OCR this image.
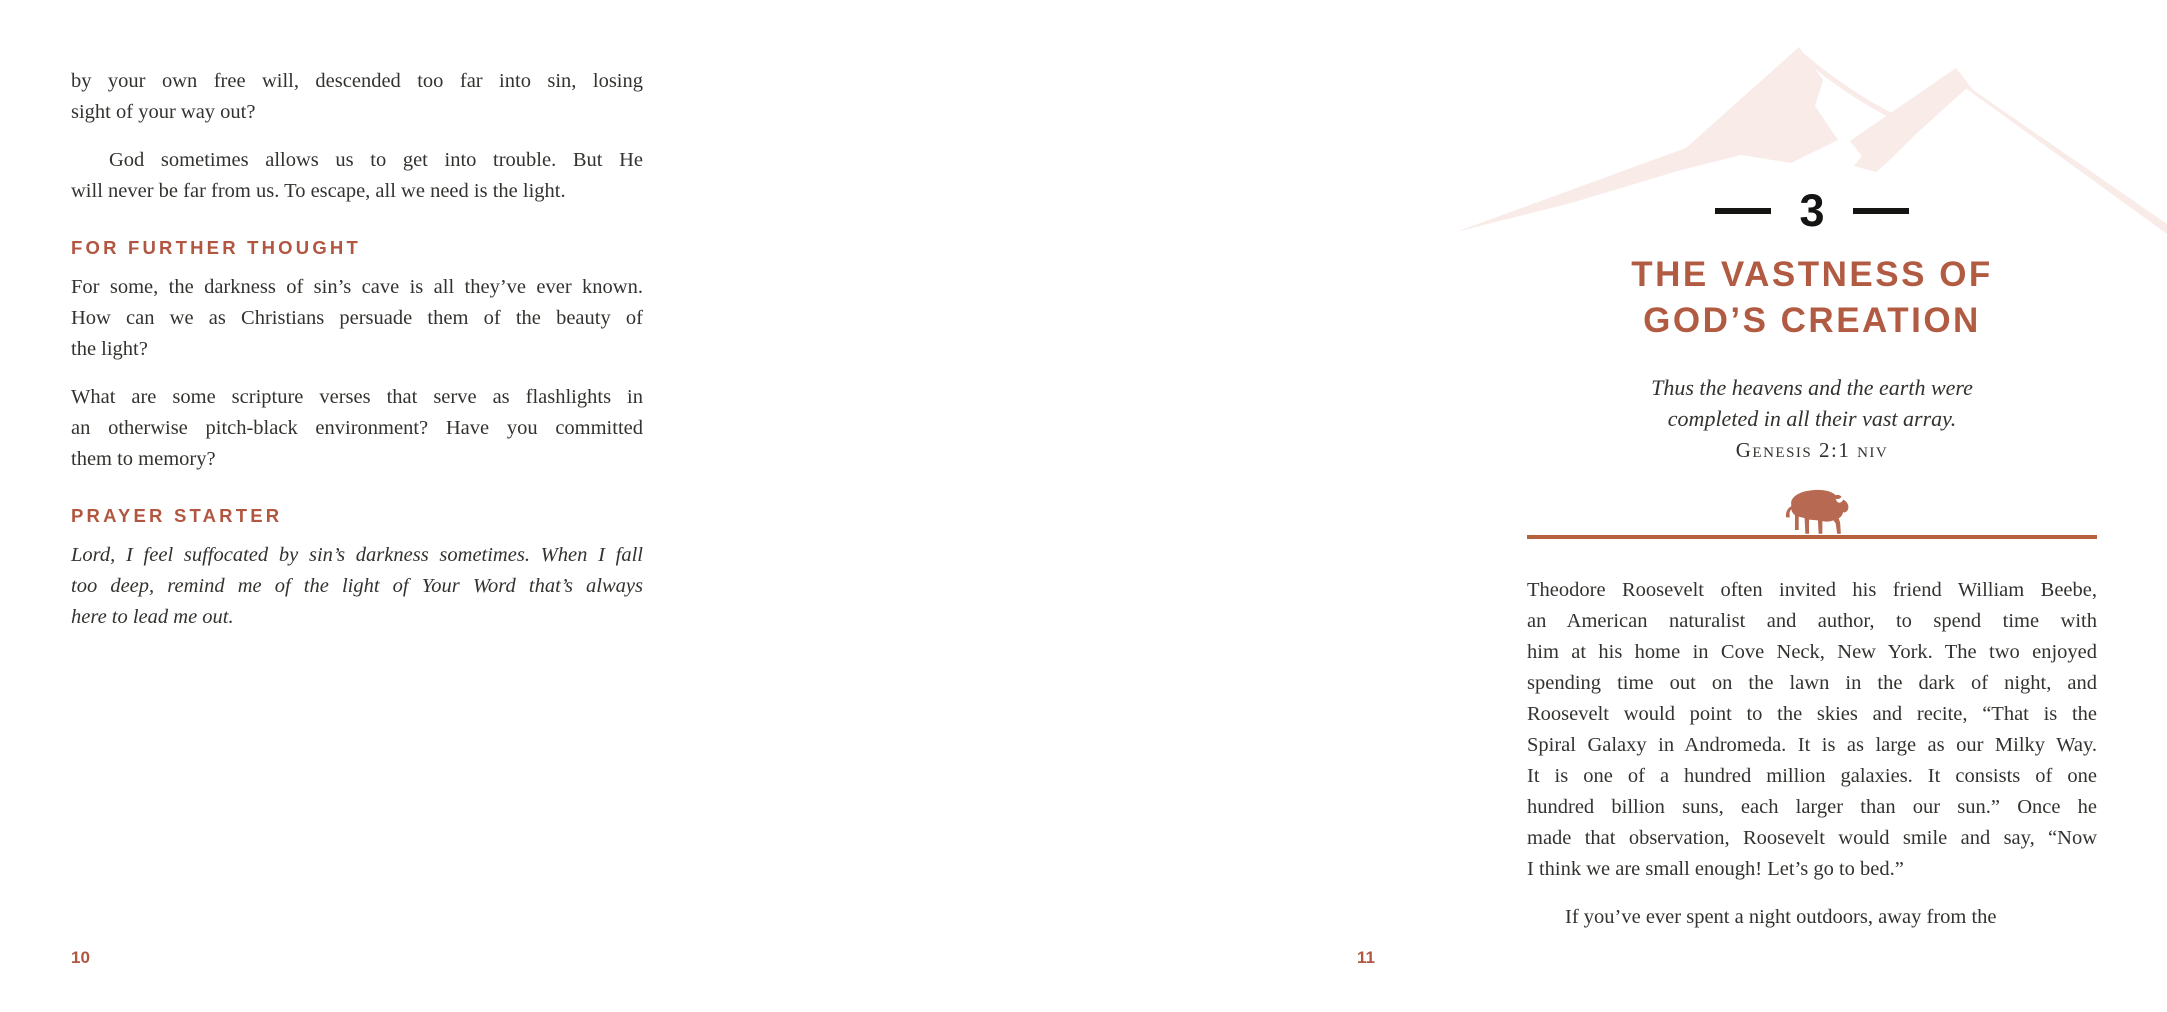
by your own free will, descended too far into sin, losing
sight of your way out?
God sometimes allows us to get into trouble. But He
will never be far from us. To escape, all we need is the light.
FOR FURTHER THOUGHT
For some, the darkness of sin’s cave is all they’ve ever known.
How can we as Christians persuade them of the beauty of
the light?
What are some scripture verses that serve as flashlights in
an otherwise pitch-black environment? Have you committed
them to memory?
PRAYER STARTER
Lord, I feel suffocated by sin’s darkness sometimes. When I fall
too deep, remind me of the light of Your Word that’s always
here to lead me out.
10
3
THE VASTNESS OF
GOD’S CREATION
Thus the heavens and the earth were
completed in all their vast array.
Genesis 2:1 niv
Theodore Roosevelt often invited his friend William Beebe,
an American naturalist and author, to spend time with
him at his home in Cove Neck, New York. The two enjoyed
spending time out on the lawn in the dark of night, and
Roosevelt would point to the skies and recite, “That is the
Spiral Galaxy in Andromeda. It is as large as our Milky Way.
It is one of a hundred million galaxies. It consists of one
hundred billion suns, each larger than our sun.” Once he
made that observation, Roosevelt would smile and say, “Now
I think we are small enough! Let’s go to bed.”
If you’ve ever spent a night outdoors, away from the
11
